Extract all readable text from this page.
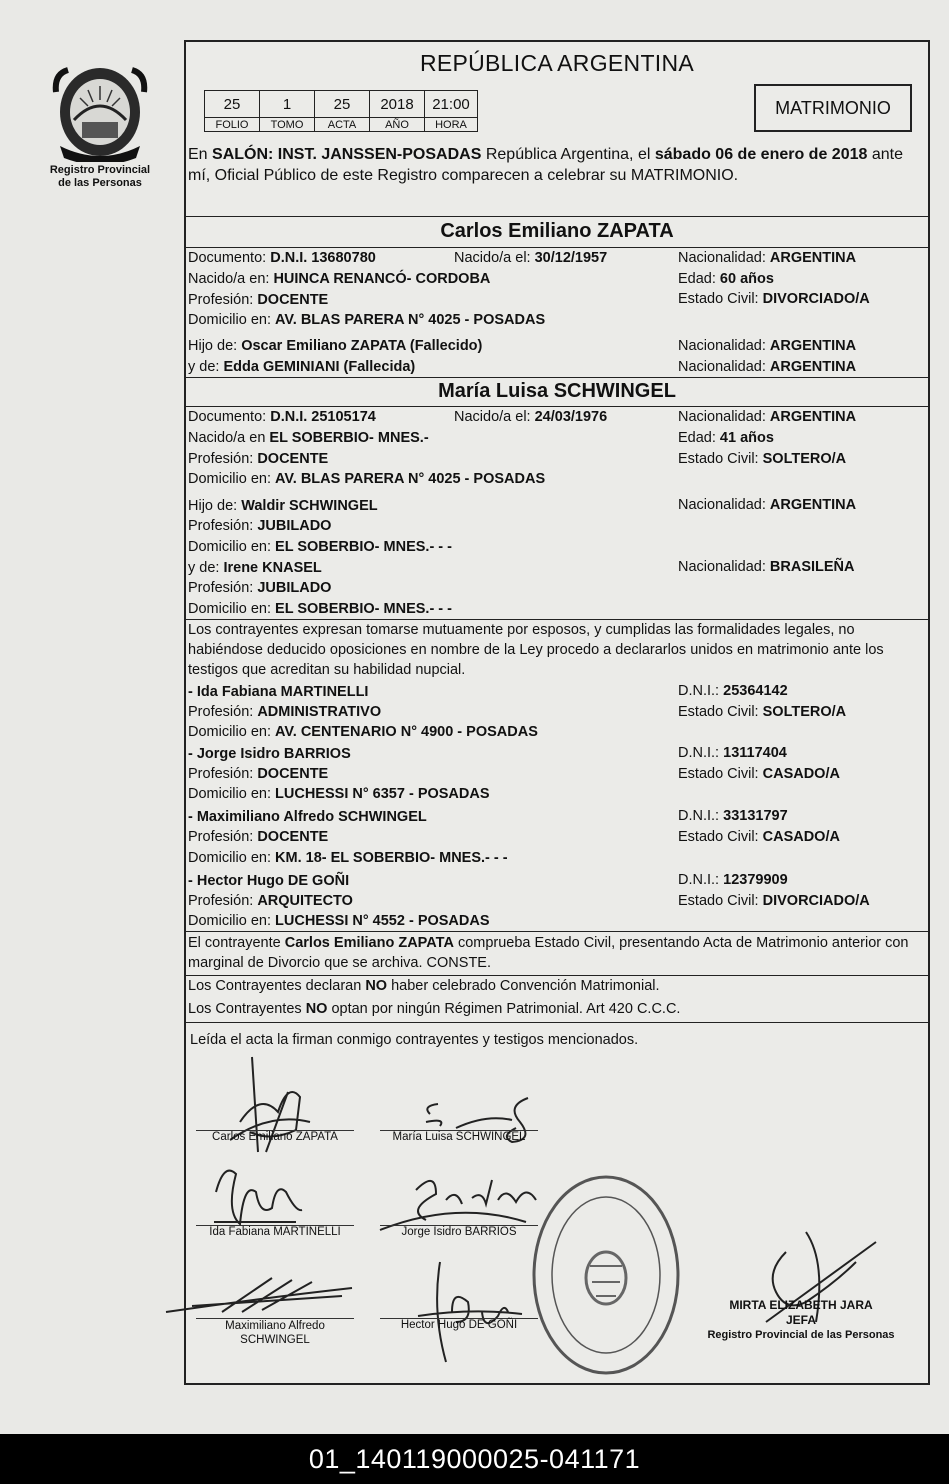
Registro Provincial
de las Personas
REPÚBLICA ARGENTINA
25	1	25	2018	21:00
FOLIO	TOMO	ACTA	AÑO	HORA
MATRIMONIO
En SALÓN: INST. JANSSEN-POSADAS República Argentina, el sábado 06 de enero de 2018 ante mí, Oficial Público de este Registro comparecen a celebrar su MATRIMONIO.
Carlos Emiliano ZAPATA
Documento: D.N.I. 13680780	Nacido/a el: 30/12/1957	Nacionalidad: ARGENTINA
Nacido/a en: HUINCA RENANCÓ- CORDOBA	Edad: 60 años
Profesión: DOCENTE	Estado Civil: DIVORCIADO/A
Domicilio en: AV. BLAS PARERA N° 4025 - POSADAS
Hijo de: Oscar Emiliano ZAPATA (Fallecido)	Nacionalidad: ARGENTINA
y de: Edda GEMINIANI (Fallecida)	Nacionalidad: ARGENTINA
María Luisa SCHWINGEL
Documento: D.N.I. 25105174	Nacido/a el: 24/03/1976	Nacionalidad: ARGENTINA
Nacido/a en EL SOBERBIO- MNES.-	Edad: 41 años
Profesión: DOCENTE	Estado Civil: SOLTERO/A
Domicilio en: AV. BLAS PARERA N° 4025 - POSADAS
Hijo de: Waldir SCHWINGEL	Nacionalidad: ARGENTINA
Profesión: JUBILADO
Domicilio en: EL SOBERBIO- MNES.- - -
y de: Irene KNASEL	Nacionalidad: BRASILEÑA
Profesión: JUBILADO
Domicilio en: EL SOBERBIO- MNES.- - -
Los contrayentes expresan tomarse mutuamente por esposos, y cumplidas las formalidades legales, no habiéndose deducido oposiciones en nombre de la Ley procedo a declararlos unidos en matrimonio ante los testigos que acreditan su habilidad nupcial.
- Ida Fabiana MARTINELLI	D.N.I.: 25364142
Profesión: ADMINISTRATIVO	Estado Civil: SOLTERO/A
Domicilio en: AV. CENTENARIO N° 4900 - POSADAS
- Jorge Isidro BARRIOS	D.N.I.: 13117404
Profesión: DOCENTE	Estado Civil: CASADO/A
Domicilio en: LUCHESSI N° 6357 - POSADAS
- Maximiliano Alfredo SCHWINGEL	D.N.I.: 33131797
Profesión: DOCENTE	Estado Civil: CASADO/A
Domicilio en: KM. 18- EL SOBERBIO- MNES.- - -
- Hector Hugo DE GOÑI	D.N.I.: 12379909
Profesión: ARQUITECTO	Estado Civil: DIVORCIADO/A
Domicilio en: LUCHESSI N° 4552 - POSADAS
El contrayente Carlos Emiliano ZAPATA comprueba Estado Civil, presentando Acta de Matrimonio anterior con marginal de Divorcio que se archiva. CONSTE.
Los Contrayentes declaran NO haber celebrado Convención Matrimonial.
Los Contrayentes NO optan por ningún Régimen Patrimonial. Art 420 C.C.C.
Leída el acta la firman conmigo contrayentes y testigos mencionados.
Carlos Emiliano ZAPATA	María Luisa SCHWINGEL
Ida Fabiana MARTINELLI	Jorge Isidro BARRIOS
Maximiliano Alfredo
SCHWINGEL
Hector Hugo DE GOÑI
MIRTA ELIZABETH JARA
JEFA
Registro Provincial de las Personas
01_140119000025-041171
